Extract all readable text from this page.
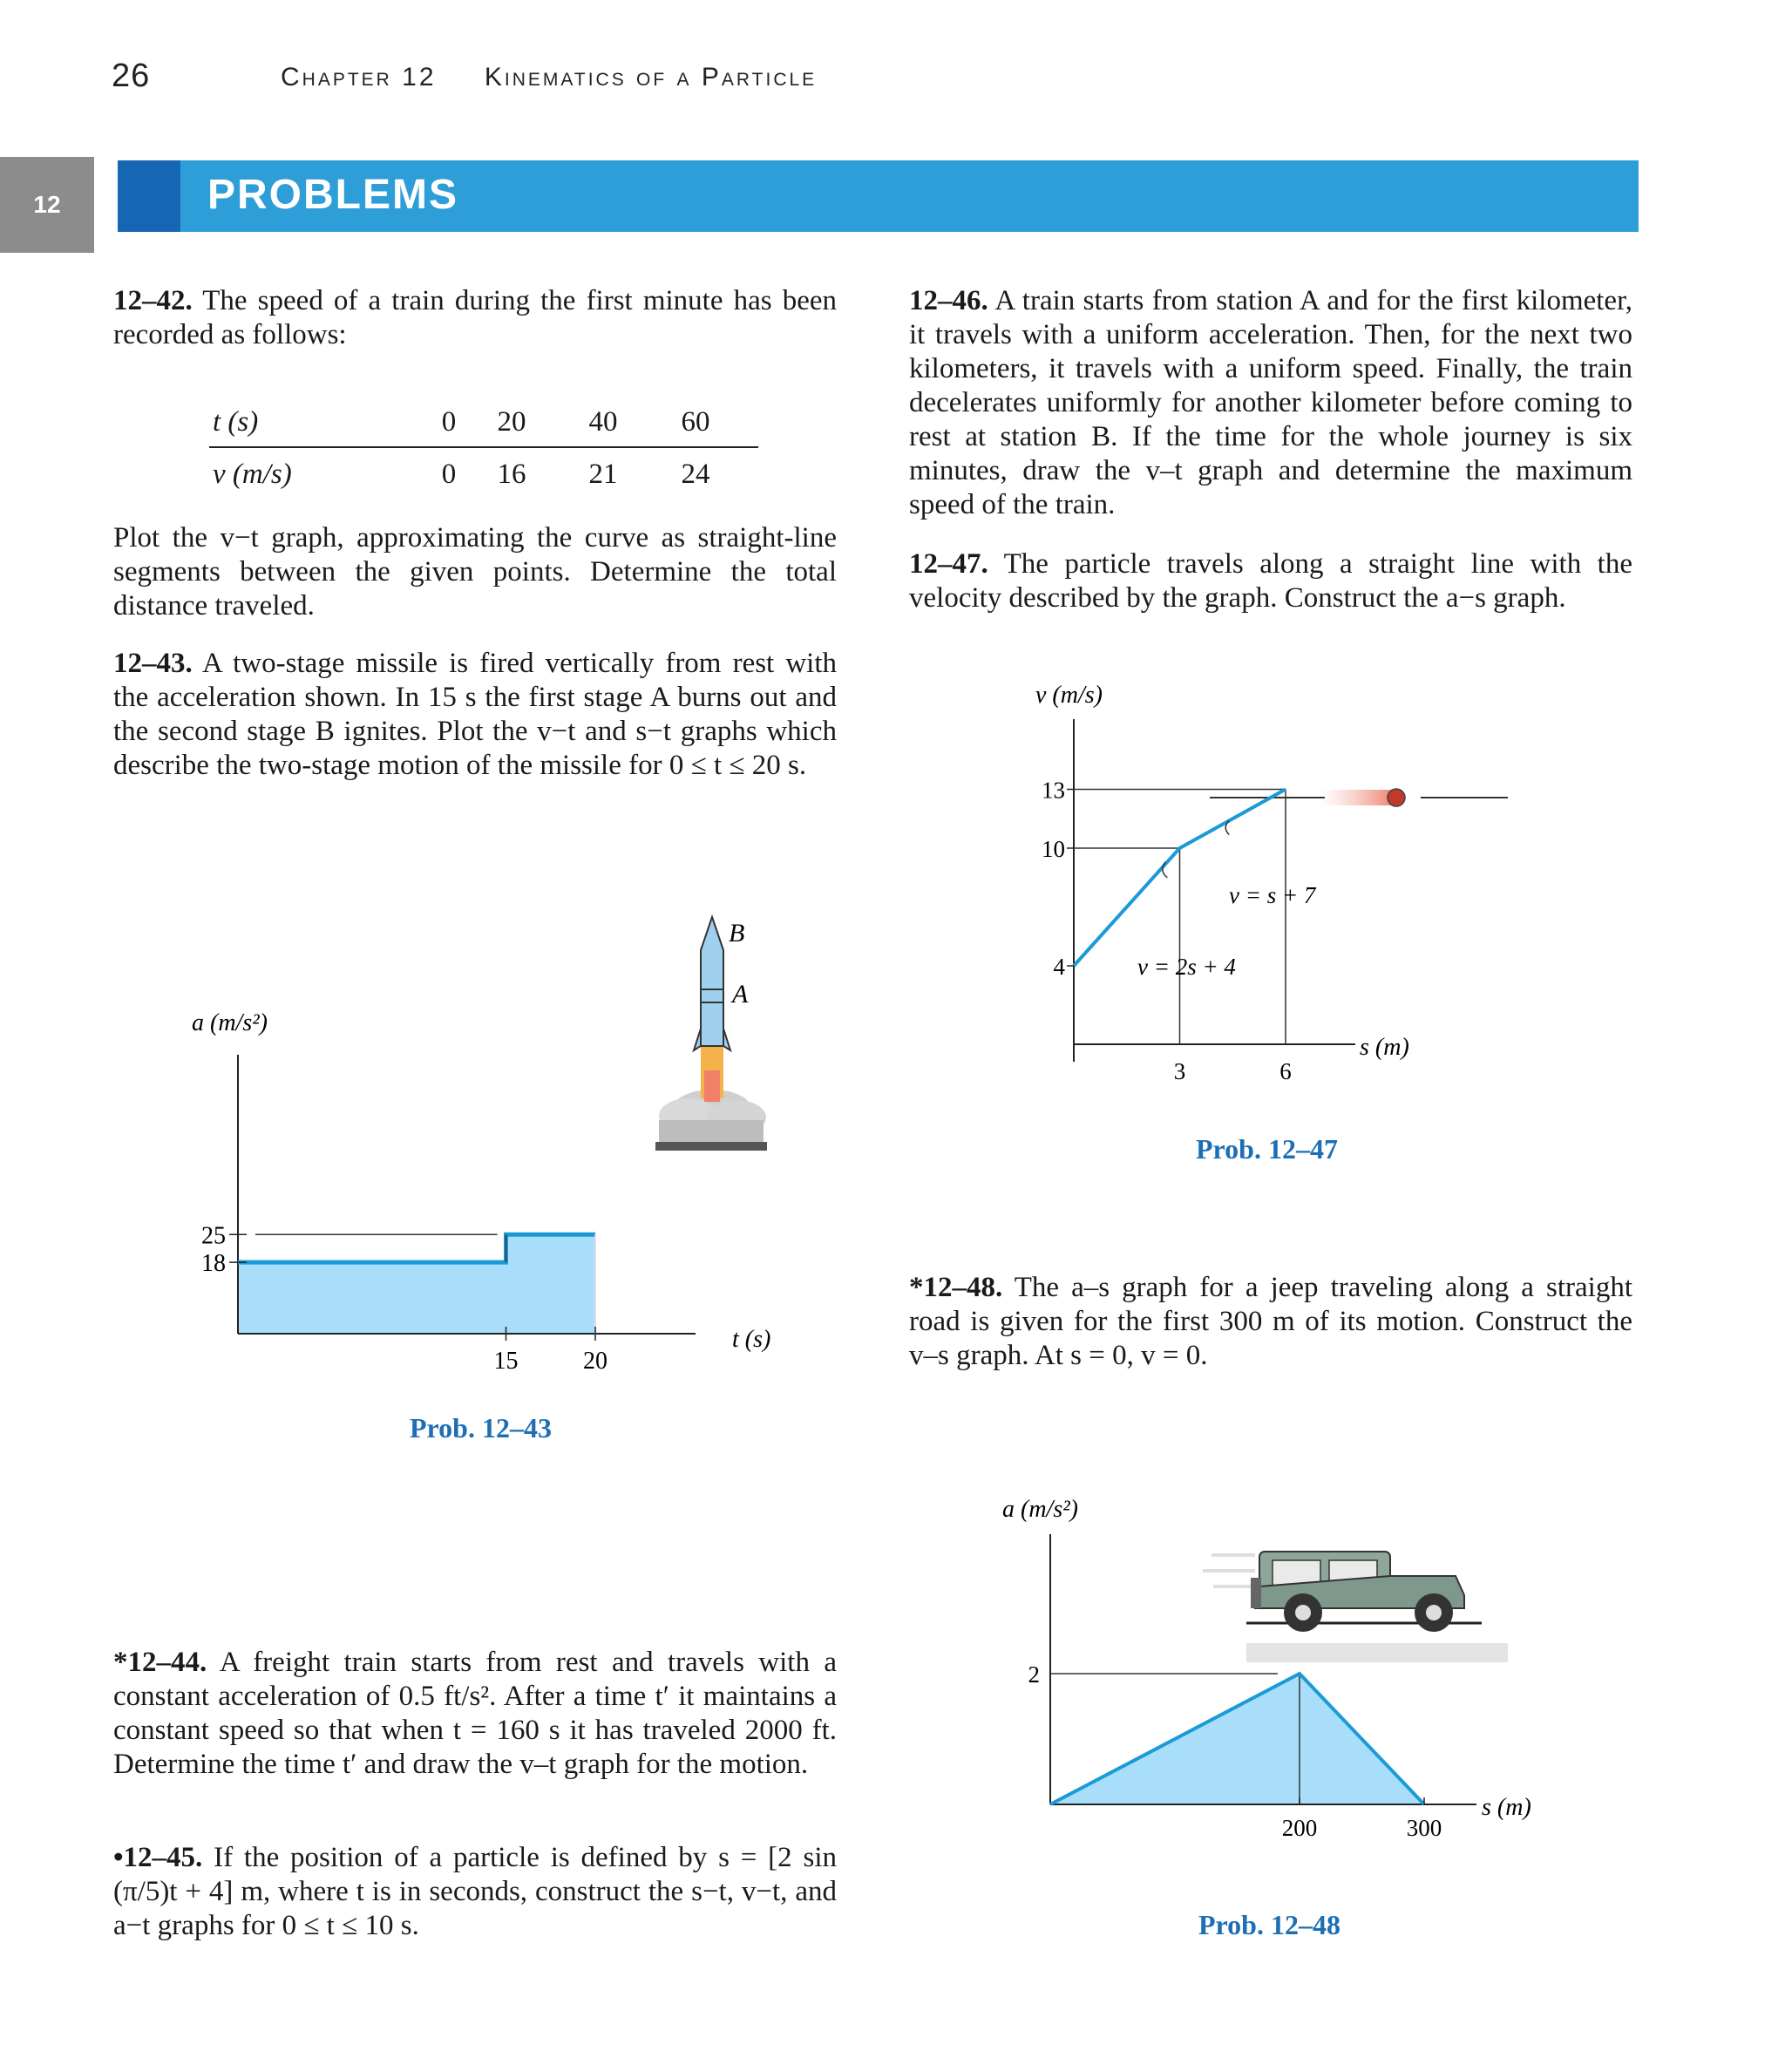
26	Chapter 12 Kinematics of a Particle
12	PROBLEMS
12–42. The speed of a train during the first minute has been recorded as follows:
t (s)	0	20	40	60
v (m/s)	0	16	21	24
Plot the v−t graph, approximating the curve as straight-line segments between the given points. Determine the total distance traveled.
12–43. A two-stage missile is fired vertically from rest with the acceleration shown. In 15 s the first stage A burns out and the second stage B ignites. Plot the v−t and s−t graphs which describe the two-stage motion of the missile for 0 ≤ t ≤ 20 s.
B
A
a (m/s²)
25
18
15	20
t (s)
Prob. 12–43
*12–44. A freight train starts from rest and travels with a constant acceleration of 0.5 ft/s². After a time t′ it maintains a constant speed so that when t = 160 s it has traveled 2000 ft. Determine the time t′ and draw the v–t graph for the motion.
•12–45. If the position of a particle is defined by s = [2 sin (π/5)t + 4] m, where t is in seconds, construct the s−t, v−t, and a−t graphs for 0 ≤ t ≤ 10 s.
12–46. A train starts from station A and for the first kilometer, it travels with a uniform acceleration. Then, for the next two kilometers, it travels with a uniform speed. Finally, the train decelerates uniformly for another kilometer before coming to rest at station B. If the time for the whole journey is six minutes, draw the v–t graph and determine the maximum speed of the train.
12–47. The particle travels along a straight line with the velocity described by the graph. Construct the a−s graph.
v (m/s)
13
10
4
3	6
s (m)
v = 2s + 4
v = s + 7
Prob. 12–47
*12–48. The a–s graph for a jeep traveling along a straight road is given for the first 300 m of its motion. Construct the v–s graph. At s = 0, v = 0.
a (m/s²)
2
200	300
s (m)
Prob. 12–48
